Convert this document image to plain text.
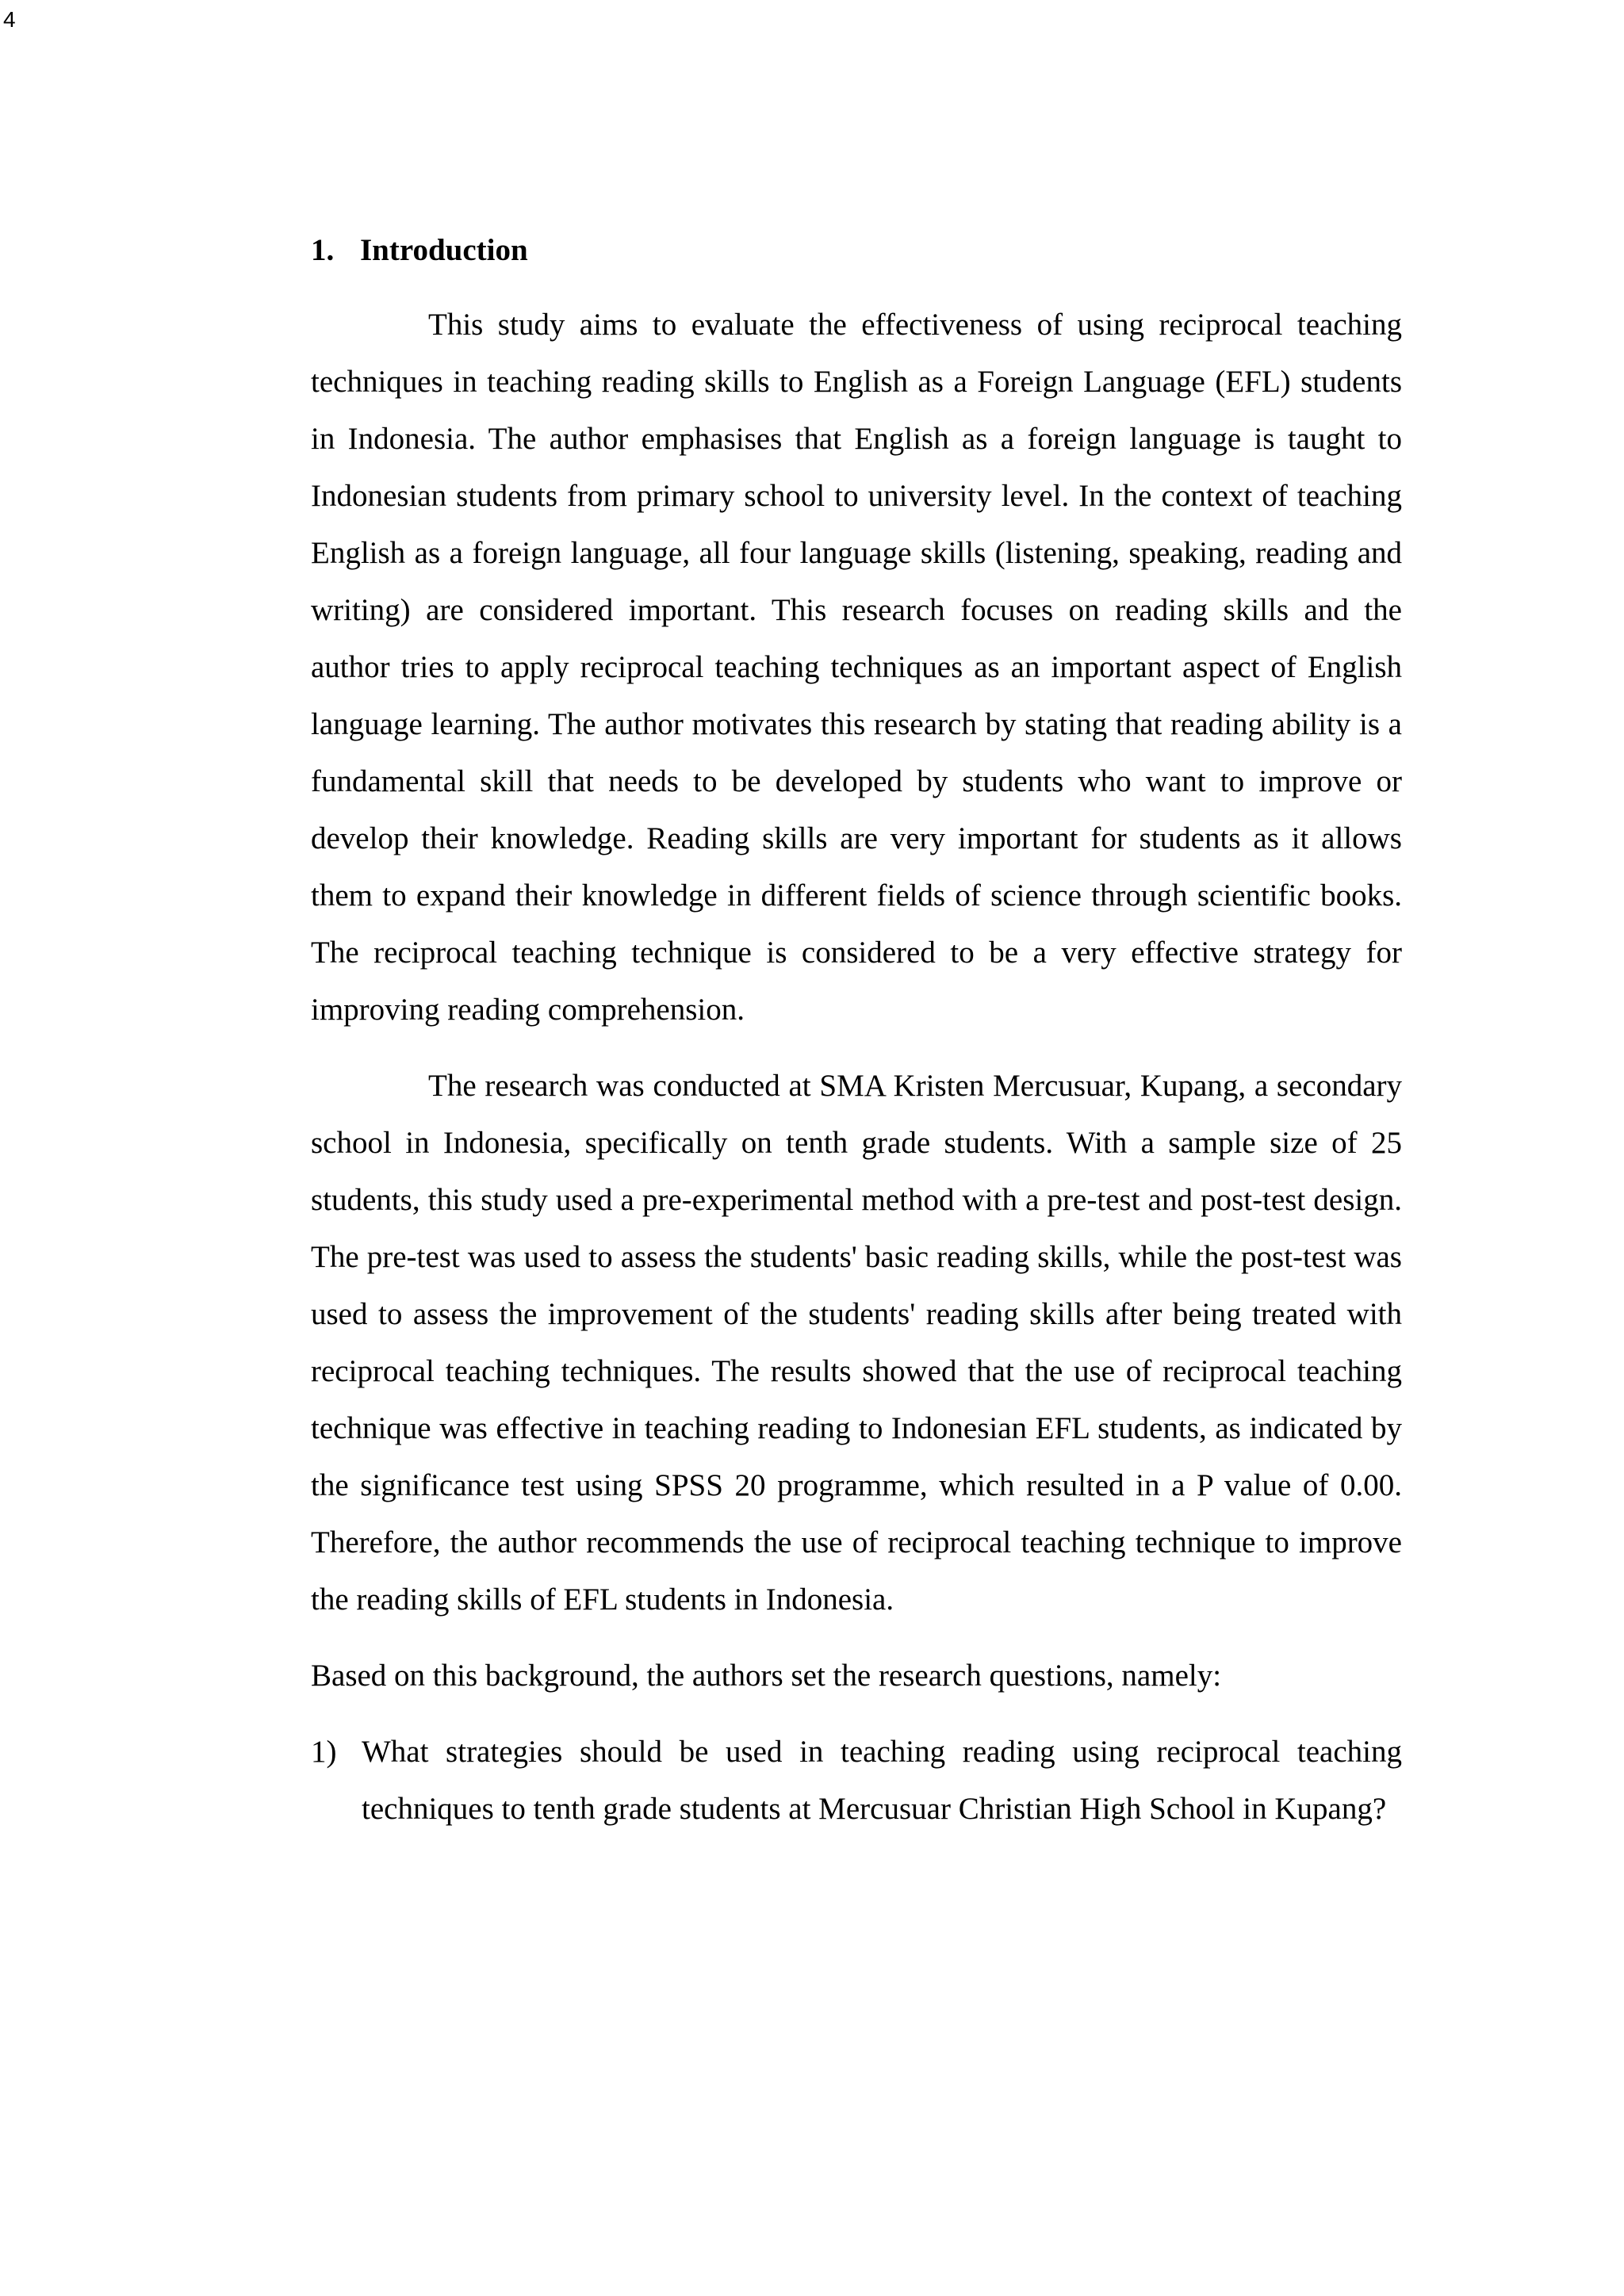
4
1. Introduction

This study aims to evaluate the effectiveness of using reciprocal teaching techniques in teaching reading skills to English as a Foreign Language (EFL) students in Indonesia. The author emphasises that English as a foreign language is taught to Indonesian students from primary school to university level. In the context of teaching English as a foreign language, all four language skills (listening, speaking, reading and writing) are considered important. This research focuses on reading skills and the author tries to apply reciprocal teaching techniques as an important aspect of English language learning. The author motivates this research by stating that reading ability is a fundamental skill that needs to be developed by students who want to improve or develop their knowledge. Reading skills are very important for students as it allows them to expand their knowledge in different fields of science through scientific books. The reciprocal teaching technique is considered to be a very effective strategy for improving reading comprehension.

The research was conducted at SMA Kristen Mercusuar, Kupang, a secondary school in Indonesia, specifically on tenth grade students. With a sample size of 25 students, this study used a pre-experimental method with a pre-test and post-test design. The pre-test was used to assess the students' basic reading skills, while the post-test was used to assess the improvement of the students' reading skills after being treated with reciprocal teaching techniques. The results showed that the use of reciprocal teaching technique was effective in teaching reading to Indonesian EFL students, as indicated by the significance test using SPSS 20 programme, which resulted in a P value of 0.00. Therefore, the author recommends the use of reciprocal teaching technique to improve the reading skills of EFL students in Indonesia.

Based on this background, the authors set the research questions, namely:

1) What strategies should be used in teaching reading using reciprocal teaching techniques to tenth grade students at Mercusuar Christian High School in Kupang?
